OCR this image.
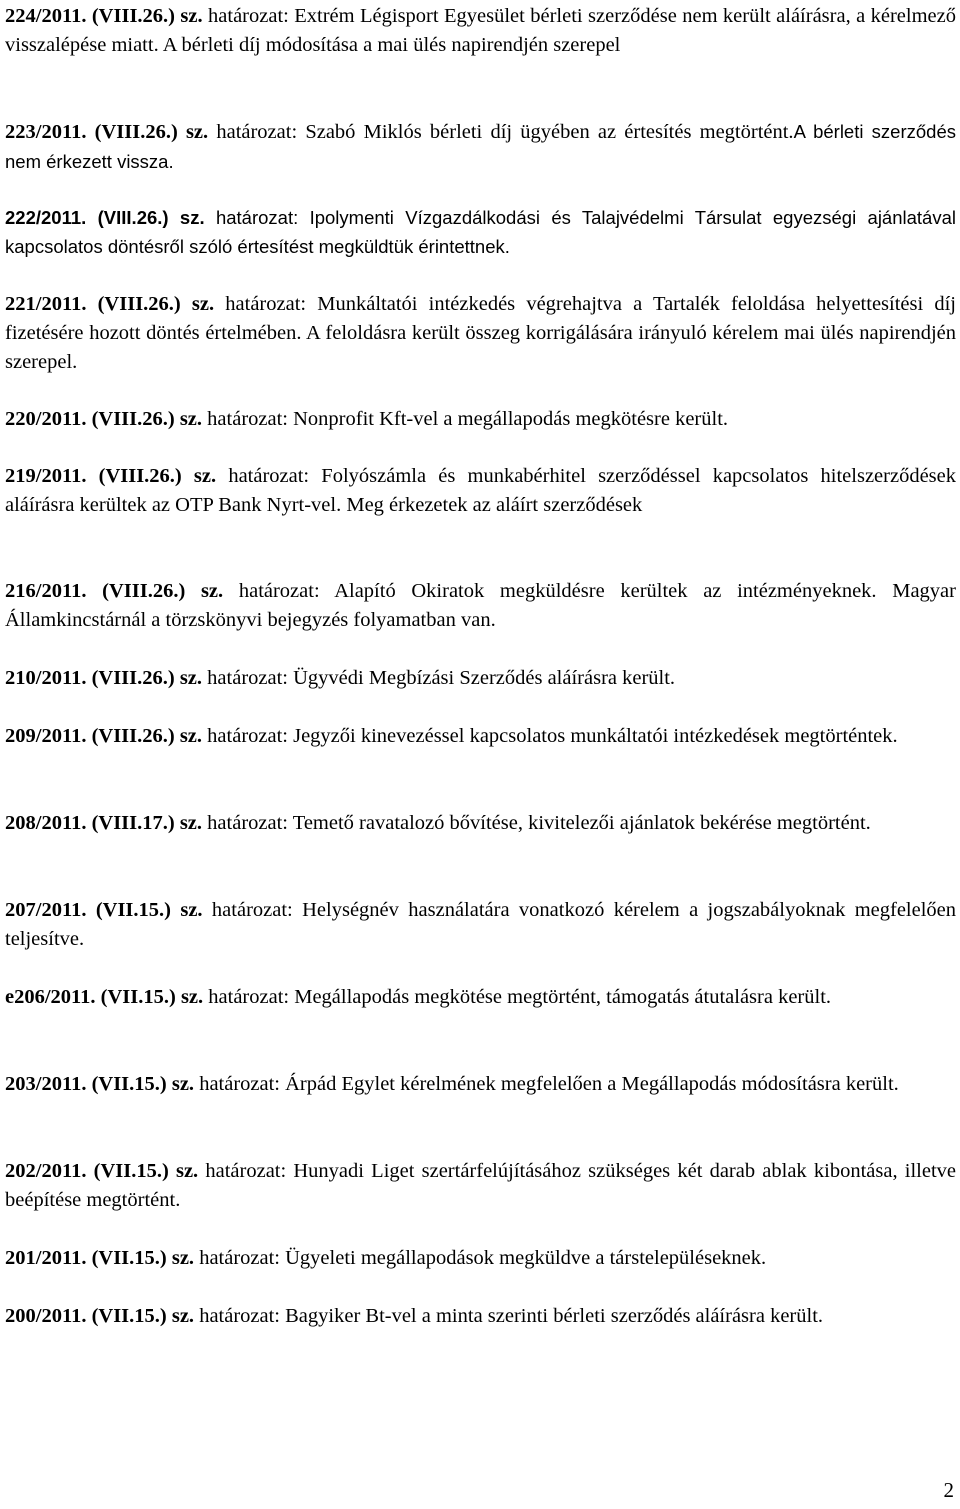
224/2011. (VIII.26.) sz. határozat: Extrém Légisport Egyesület bérleti szerződése nem került aláírásra, a kérelmező visszalépése miatt. A bérleti díj módosítása a mai ülés napirendjén szerepel

223/2011. (VIII.26.) sz. határozat: Szabó Miklós bérleti díj ügyében az értesítés megtörtént.A bérleti szerződés nem érkezett vissza.

222/2011. (VIII.26.) sz. határozat: Ipolymenti Vízgazdálkodási és Talajvédelmi Társulat egyezségi ajánlatával kapcsolatos döntésről szóló értesítést megküldtük érintettnek.

221/2011. (VIII.26.) sz. határozat: Munkáltatói intézkedés végrehajtva a Tartalék feloldása helyettesítési díj fizetésére hozott döntés értelmében. A feloldásra került összeg korrigálására irányuló kérelem mai ülés napirendjén szerepel.

220/2011. (VIII.26.) sz. határozat: Nonprofit Kft-vel a megállapodás megkötésre került.

219/2011. (VIII.26.) sz. határozat: Folyószámla és munkabérhitel szerződéssel kapcsolatos hitelszerződések aláírásra kerültek az OTP Bank Nyrt-vel. Meg érkezetek az aláírt szerződések

216/2011. (VIII.26.) sz. határozat: Alapító Okiratok megküldésre kerültek az intézményeknek. Magyar Államkincstárnál a törzskönyvi bejegyzés folyamatban van.

210/2011. (VIII.26.) sz. határozat: Ügyvédi Megbízási Szerződés aláírásra került.

209/2011. (VIII.26.) sz. határozat: Jegyzői kinevezéssel kapcsolatos munkáltatói intézkedések megtörténtek.

208/2011. (VIII.17.) sz. határozat: Temető ravatalozó bővítése, kivitelezői ajánlatok bekérése megtörtént.

207/2011. (VII.15.) sz. határozat: Helységnév használatára vonatkozó kérelem a jogszabályoknak megfelelően teljesítve.

e206/2011. (VII.15.) sz. határozat: Megállapodás megkötése megtörtént, támogatás átutalásra került.

203/2011. (VII.15.) sz. határozat: Árpád Egylet kérelmének megfelelően a Megállapodás módosításra került.

202/2011. (VII.15.) sz. határozat: Hunyadi Liget szertárfelújításához szükséges két darab ablak kibontása, illetve beépítése megtörtént.

201/2011. (VII.15.) sz. határozat: Ügyeleti megállapodások megküldve a társtelepüléseknek.

200/2011. (VII.15.) sz. határozat: Bagyiker Bt-vel a minta szerinti bérleti szerződés aláírásra került.

2
